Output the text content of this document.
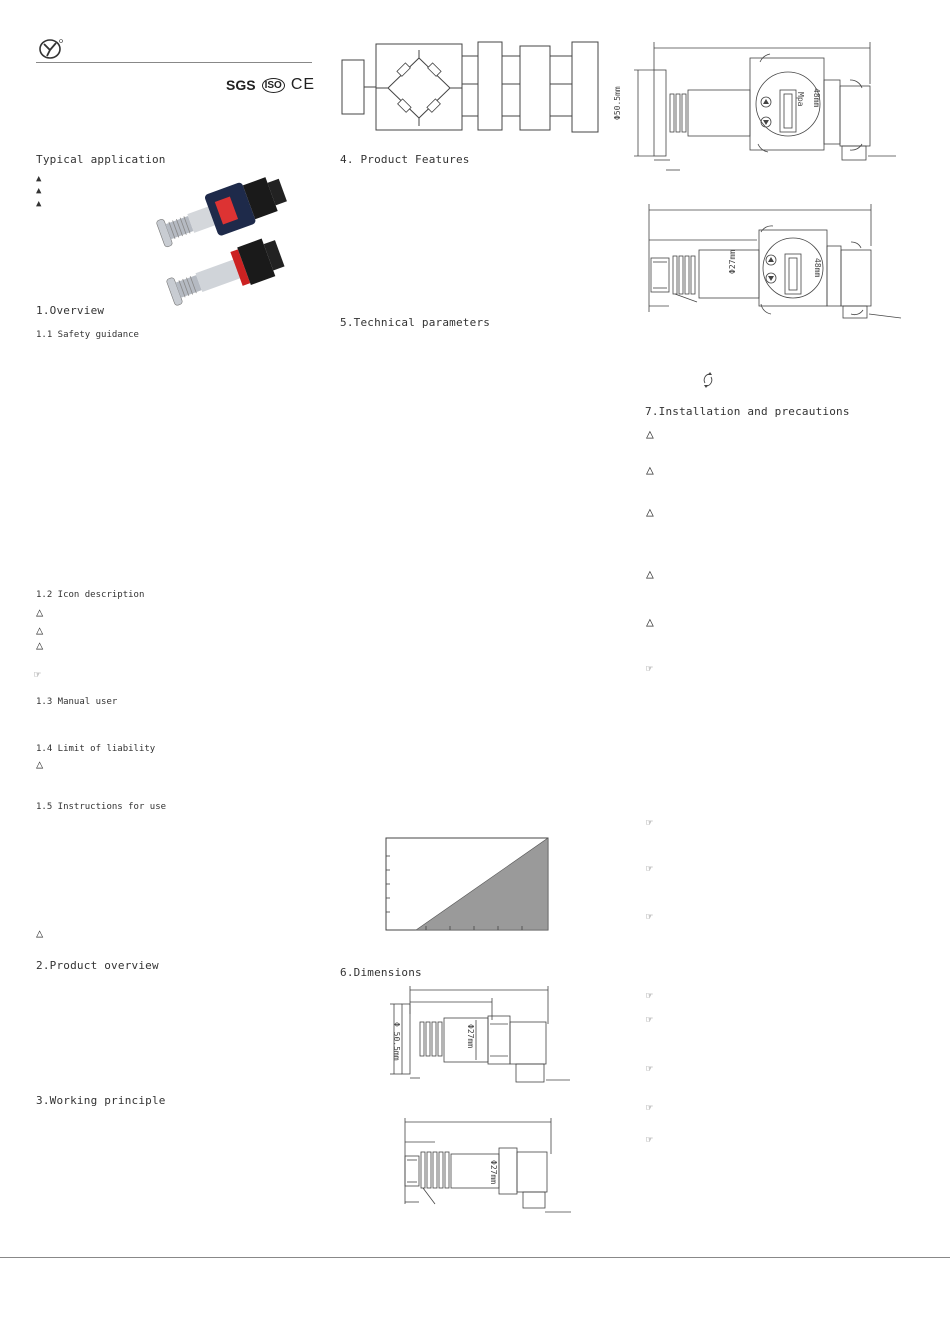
SGS ISO CE
Typical application
▲
▲
▲
1.Overview
1.1 Safety guidance
1.2 Icon description
△
△
△
☞
1.3 Manual user
1.4 Limit of liability
△
1.5 Instructions for use
△
2.Product overview
3.Working principle
4. Product Features
5.Technical parameters
6.Dimensions
Φ 50.5mm	Φ27mm
Φ27mm
Φ50.5mm	48mm
Mpa
Φ27mm	48mm
7.Installation and precautions
△
△
△
△
△
☞
☞
☞
☞
☞
☞
☞
☞
☞
